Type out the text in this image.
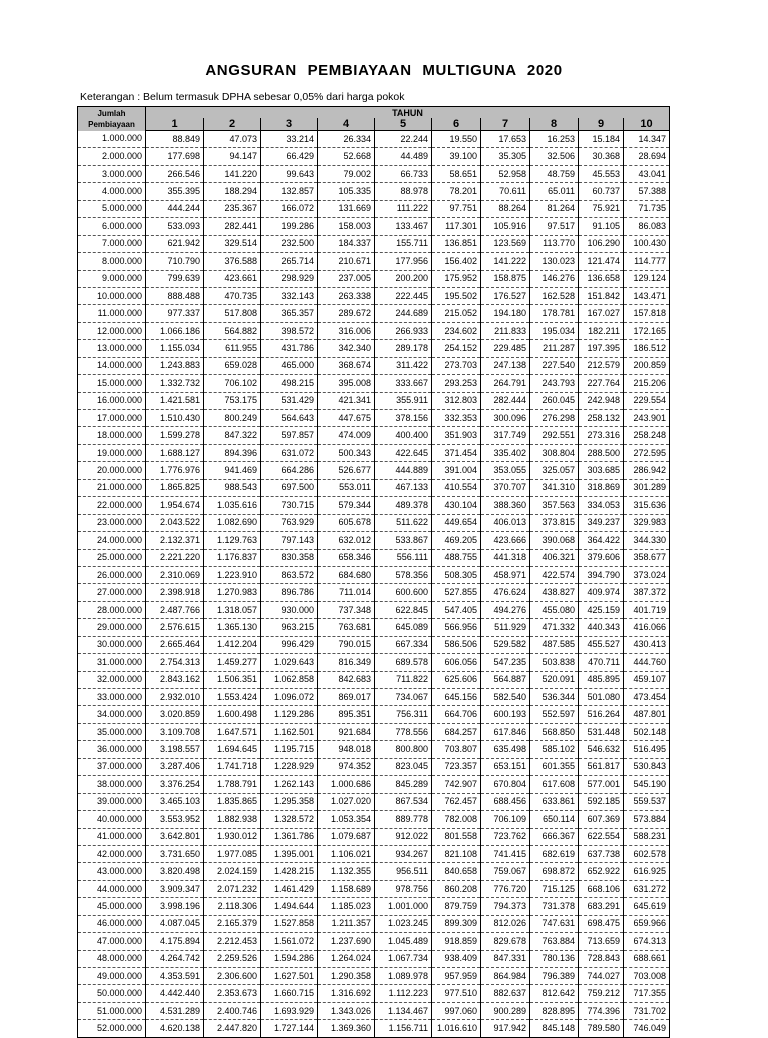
ANGSURAN PEMBIAYAAN MULTIGUNA 2020
Keterangan : Belum termasuk DPHA sebesar 0,05% dari harga pokok
Jumlah
Pembiayaan	TAHUN									
	1	2	3	4	5	6	7	8	9	10
1.000.000	88.849	47.073	33.214	26.334	22.244	19.550	17.653	16.253	15.184	14.347
2.000.000	177.698	94.147	66.429	52.668	44.489	39.100	35.305	32.506	30.368	28.694
3.000.000	266.546	141.220	99.643	79.002	66.733	58.651	52.958	48.759	45.553	43.041
4.000.000	355.395	188.294	132.857	105.335	88.978	78.201	70.611	65.011	60.737	57.388
5.000.000	444.244	235.367	166.072	131.669	111.222	97.751	88.264	81.264	75.921	71.735
6.000.000	533.093	282.441	199.286	158.003	133.467	117.301	105.916	97.517	91.105	86.083
7.000.000	621.942	329.514	232.500	184.337	155.711	136.851	123.569	113.770	106.290	100.430
8.000.000	710.790	376.588	265.714	210.671	177.956	156.402	141.222	130.023	121.474	114.777
9.000.000	799.639	423.661	298.929	237.005	200.200	175.952	158.875	146.276	136.658	129.124
10.000.000	888.488	470.735	332.143	263.338	222.445	195.502	176.527	162.528	151.842	143.471
11.000.000	977.337	517.808	365.357	289.672	244.689	215.052	194.180	178.781	167.027	157.818
12.000.000	1.066.186	564.882	398.572	316.006	266.933	234.602	211.833	195.034	182.211	172.165
13.000.000	1.155.034	611.955	431.786	342.340	289.178	254.152	229.485	211.287	197.395	186.512
14.000.000	1.243.883	659.028	465.000	368.674	311.422	273.703	247.138	227.540	212.579	200.859
15.000.000	1.332.732	706.102	498.215	395.008	333.667	293.253	264.791	243.793	227.764	215.206
16.000.000	1.421.581	753.175	531.429	421.341	355.911	312.803	282.444	260.045	242.948	229.554
17.000.000	1.510.430	800.249	564.643	447.675	378.156	332.353	300.096	276.298	258.132	243.901
18.000.000	1.599.278	847.322	597.857	474.009	400.400	351.903	317.749	292.551	273.316	258.248
19.000.000	1.688.127	894.396	631.072	500.343	422.645	371.454	335.402	308.804	288.500	272.595
20.000.000	1.776.976	941.469	664.286	526.677	444.889	391.004	353.055	325.057	303.685	286.942
21.000.000	1.865.825	988.543	697.500	553.011	467.133	410.554	370.707	341.310	318.869	301.289
22.000.000	1.954.674	1.035.616	730.715	579.344	489.378	430.104	388.360	357.563	334.053	315.636
23.000.000	2.043.522	1.082.690	763.929	605.678	511.622	449.654	406.013	373.815	349.237	329.983
24.000.000	2.132.371	1.129.763	797.143	632.012	533.867	469.205	423.666	390.068	364.422	344.330
25.000.000	2.221.220	1.176.837	830.358	658.346	556.111	488.755	441.318	406.321	379.606	358.677
26.000.000	2.310.069	1.223.910	863.572	684.680	578.356	508.305	458.971	422.574	394.790	373.024
27.000.000	2.398.918	1.270.983	896.786	711.014	600.600	527.855	476.624	438.827	409.974	387.372
28.000.000	2.487.766	1.318.057	930.000	737.348	622.845	547.405	494.276	455.080	425.159	401.719
29.000.000	2.576.615	1.365.130	963.215	763.681	645.089	566.956	511.929	471.332	440.343	416.066
30.000.000	2.665.464	1.412.204	996.429	790.015	667.334	586.506	529.582	487.585	455.527	430.413
31.000.000	2.754.313	1.459.277	1.029.643	816.349	689.578	606.056	547.235	503.838	470.711	444.760
32.000.000	2.843.162	1.506.351	1.062.858	842.683	711.822	625.606	564.887	520.091	485.895	459.107
33.000.000	2.932.010	1.553.424	1.096.072	869.017	734.067	645.156	582.540	536.344	501.080	473.454
34.000.000	3.020.859	1.600.498	1.129.286	895.351	756.311	664.706	600.193	552.597	516.264	487.801
35.000.000	3.109.708	1.647.571	1.162.501	921.684	778.556	684.257	617.846	568.850	531.448	502.148
36.000.000	3.198.557	1.694.645	1.195.715	948.018	800.800	703.807	635.498	585.102	546.632	516.495
37.000.000	3.287.406	1.741.718	1.228.929	974.352	823.045	723.357	653.151	601.355	561.817	530.843
38.000.000	3.376.254	1.788.791	1.262.143	1.000.686	845.289	742.907	670.804	617.608	577.001	545.190
39.000.000	3.465.103	1.835.865	1.295.358	1.027.020	867.534	762.457	688.456	633.861	592.185	559.537
40.000.000	3.553.952	1.882.938	1.328.572	1.053.354	889.778	782.008	706.109	650.114	607.369	573.884
41.000.000	3.642.801	1.930.012	1.361.786	1.079.687	912.022	801.558	723.762	666.367	622.554	588.231
42.000.000	3.731.650	1.977.085	1.395.001	1.106.021	934.267	821.108	741.415	682.619	637.738	602.578
43.000.000	3.820.498	2.024.159	1.428.215	1.132.355	956.511	840.658	759.067	698.872	652.922	616.925
44.000.000	3.909.347	2.071.232	1.461.429	1.158.689	978.756	860.208	776.720	715.125	668.106	631.272
45.000.000	3.998.196	2.118.306	1.494.644	1.185.023	1.001.000	879.759	794.373	731.378	683.291	645.619
46.000.000	4.087.045	2.165.379	1.527.858	1.211.357	1.023.245	899.309	812.026	747.631	698.475	659.966
47.000.000	4.175.894	2.212.453	1.561.072	1.237.690	1.045.489	918.859	829.678	763.884	713.659	674.313
48.000.000	4.264.742	2.259.526	1.594.286	1.264.024	1.067.734	938.409	847.331	780.136	728.843	688.661
49.000.000	4.353.591	2.306.600	1.627.501	1.290.358	1.089.978	957.959	864.984	796.389	744.027	703.008
50.000.000	4.442.440	2.353.673	1.660.715	1.316.692	1.112.223	977.510	882.637	812.642	759.212	717.355
51.000.000	4.531.289	2.400.746	1.693.929	1.343.026	1.134.467	997.060	900.289	828.895	774.396	731.702
52.000.000	4.620.138	2.447.820	1.727.144	1.369.360	1.156.711	1.016.610	917.942	845.148	789.580	746.049
